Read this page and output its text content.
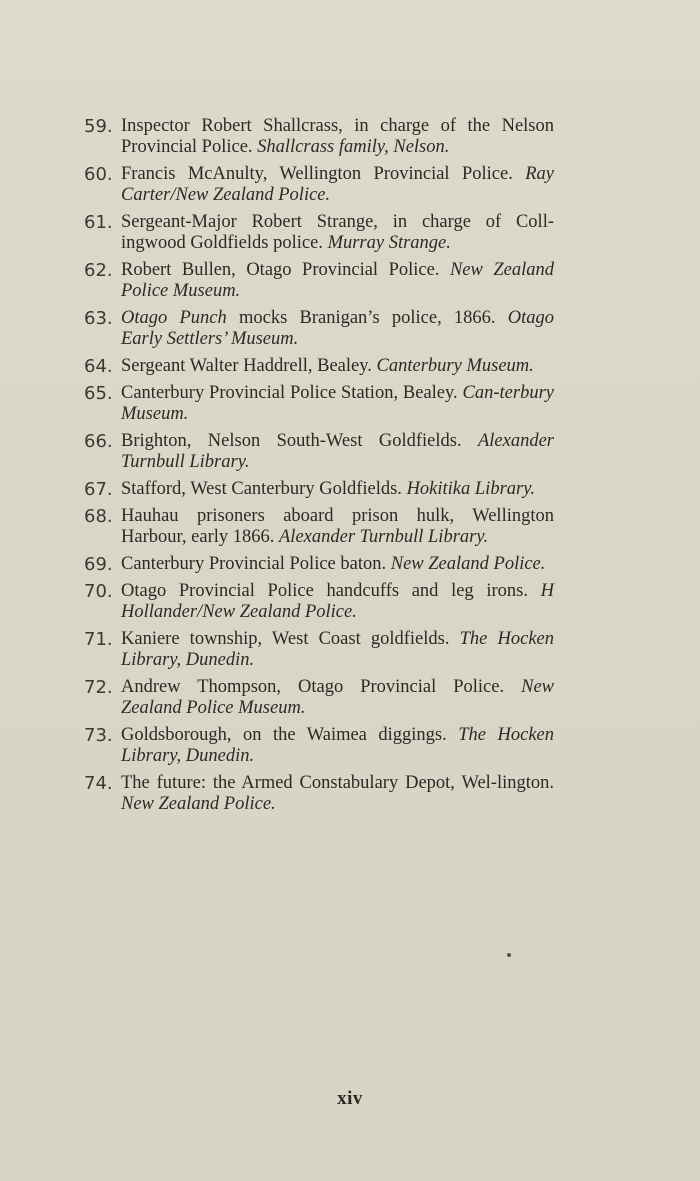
59. Inspector Robert Shallcrass, in charge of the Nelson Provincial Police. Shallcrass family, Nelson.
60. Francis McAnulty, Wellington Provincial Police. Ray Carter/New Zealand Police.
61. Sergeant-Major Robert Strange, in charge of Coll-ingwood Goldfields police. Murray Strange.
62. Robert Bullen, Otago Provincial Police. New Zealand Police Museum.
63. Otago Punch mocks Branigan’s police, 1866. Otago Early Settlers’ Museum.
64. Sergeant Walter Haddrell, Bealey. Canterbury Museum.
65. Canterbury Provincial Police Station, Bealey. Can-terbury Museum.
66. Brighton, Nelson South-West Goldfields. Alexander Turnbull Library.
67. Stafford, West Canterbury Goldfields. Hokitika Library.
68. Hauhau prisoners aboard prison hulk, Wellington Harbour, early 1866. Alexander Turnbull Library.
69. Canterbury Provincial Police baton. New Zealand Police.
70. Otago Provincial Police handcuffs and leg irons. H Hollander/New Zealand Police.
71. Kaniere township, West Coast goldfields. The Hocken Library, Dunedin.
72. Andrew Thompson, Otago Provincial Police. New Zealand Police Museum.
73. Goldsborough, on the Waimea diggings. The Hocken Library, Dunedin.
74. The future: the Armed Constabulary Depot, Wel-lington. New Zealand Police.
xiv
